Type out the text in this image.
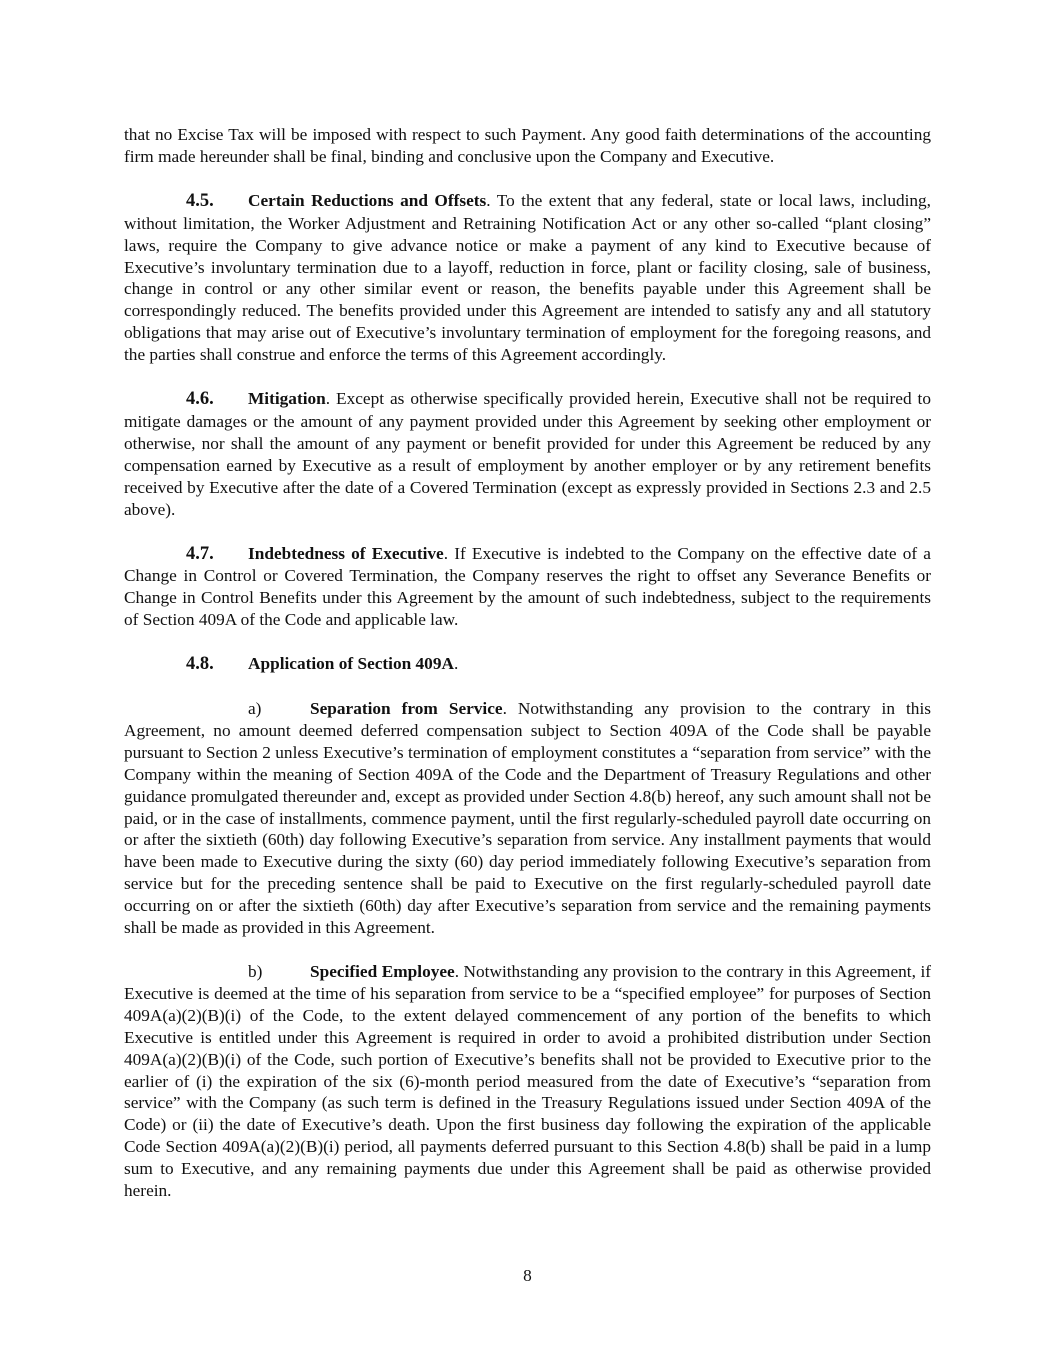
that no Excise Tax will be imposed with respect to such Payment. Any good faith determinations of the accounting firm made hereunder shall be final, binding and conclusive upon the Company and Executive.

4.5. Certain Reductions and Offsets. To the extent that any federal, state or local laws, including, without limitation, the Worker Adjustment and Retraining Notification Act or any other so-called “plant closing” laws, require the Company to give advance notice or make a payment of any kind to Executive because of Executive’s involuntary termination due to a layoff, reduction in force, plant or facility closing, sale of business, change in control or any other similar event or reason, the benefits payable under this Agreement shall be correspondingly reduced. The benefits provided under this Agreement are intended to satisfy any and all statutory obligations that may arise out of Executive’s involuntary termination of employment for the foregoing reasons, and the parties shall construe and enforce the terms of this Agreement accordingly.

4.6. Mitigation. Except as otherwise specifically provided herein, Executive shall not be required to mitigate damages or the amount of any payment provided under this Agreement by seeking other employment or otherwise, nor shall the amount of any payment or benefit provided for under this Agreement be reduced by any compensation earned by Executive as a result of employment by another employer or by any retirement benefits received by Executive after the date of a Covered Termination (except as expressly provided in Sections 2.3 and 2.5 above).

4.7. Indebtedness of Executive. If Executive is indebted to the Company on the effective date of a Change in Control or Covered Termination, the Company reserves the right to offset any Severance Benefits or Change in Control Benefits under this Agreement by the amount of such indebtedness, subject to the requirements of Section 409A of the Code and applicable law.

4.8. Application of Section 409A.

a)	Separation from Service. Notwithstanding any provision to the contrary in this Agreement, no amount deemed deferred compensation subject to Section 409A of the Code shall be payable pursuant to Section 2 unless Executive’s termination of employment constitutes a “separation from service” with the Company within the meaning of Section 409A of the Code and the Department of Treasury Regulations and other guidance promulgated thereunder and, except as provided under Section 4.8(b) hereof, any such amount shall not be paid, or in the case of installments, commence payment, until the first regularly-scheduled payroll date occurring on or after the sixtieth (60th) day following Executive’s separation from service. Any installment payments that would have been made to Executive during the sixty (60) day period immediately following Executive’s separation from service but for the preceding sentence shall be paid to Executive on the first regularly-scheduled payroll date occurring on or after the sixtieth (60th) day after Executive’s separation from service and the remaining payments shall be made as provided in this Agreement.

b)	Specified Employee. Notwithstanding any provision to the contrary in this Agreement, if Executive is deemed at the time of his separation from service to be a “specified employee” for purposes of Section 409A(a)(2)(B)(i) of the Code, to the extent delayed commencement of any portion of the benefits to which Executive is entitled under this Agreement is required in order to avoid a prohibited distribution under Section 409A(a)(2)(B)(i) of the Code, such portion of Executive’s benefits shall not be provided to Executive prior to the earlier of (i) the expiration of the six (6)-month period measured from the date of Executive’s “separation from service” with the Company (as such term is defined in the Treasury Regulations issued under Section 409A of the Code) or (ii) the date of Executive’s death. Upon the first business day following the expiration of the applicable Code Section 409A(a)(2)(B)(i) period, all payments deferred pursuant to this Section 4.8(b) shall be paid in a lump sum to Executive, and any remaining payments due under this Agreement shall be paid as otherwise provided herein.

8
